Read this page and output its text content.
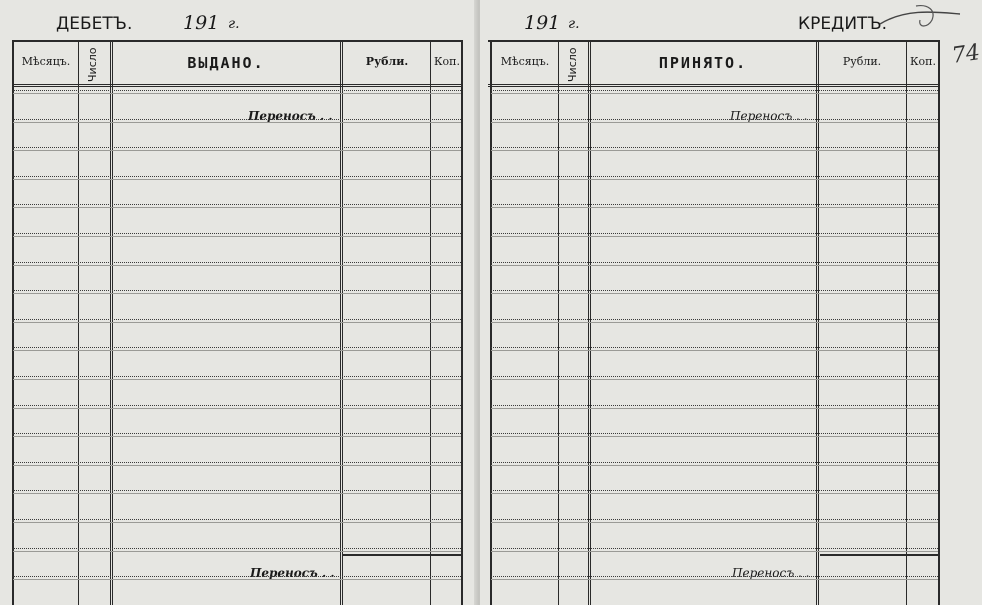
ДЕБЕТЪ.	191 г.
Мѣсяцъ.	Число	ВЫДАНО.	Рубли.	Коп.
Переносъ . .
Переносъ . .
191 г.	КРЕДИТЪ.
Мѣсяцъ.	Число	ПРИНЯТО.	Рубли.	Коп.
Переносъ . .
Переносъ . .
74
